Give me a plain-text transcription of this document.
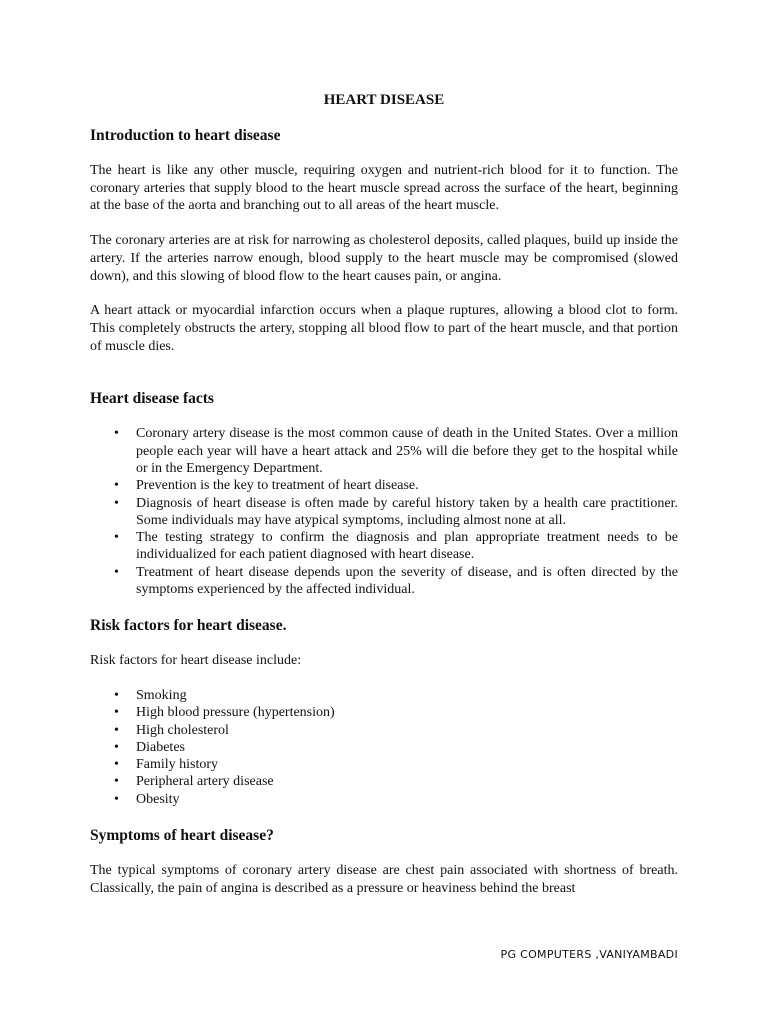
HEART DISEASE
Introduction to heart disease

The heart is like any other muscle, requiring oxygen and nutrient-rich blood for it to function. The coronary arteries that supply blood to the heart muscle spread across the surface of the heart, beginning at the base of the aorta and branching out to all areas of the heart muscle.

The coronary arteries are at risk for narrowing as cholesterol deposits, called plaques, build up inside the artery. If the arteries narrow enough, blood supply to the heart muscle may be compromised (slowed down), and this slowing of blood flow to the heart causes pain, or angina.

A heart attack or myocardial infarction occurs when a plaque ruptures, allowing a blood clot to form. This completely obstructs the artery, stopping all blood flow to part of the heart muscle, and that portion of muscle dies.

Heart disease facts
• Coronary artery disease is the most common cause of death in the United States. Over a million people each year will have a heart attack and 25% will die before they get to the hospital while or in the Emergency Department.
• Prevention is the key to treatment of heart disease.
• Diagnosis of heart disease is often made by careful history taken by a health care practitioner. Some individuals may have atypical symptoms, including almost none at all.
• The testing strategy to confirm the diagnosis and plan appropriate treatment needs to be individualized for each patient diagnosed with heart disease.
• Treatment of heart disease depends upon the severity of disease, and is often directed by the symptoms experienced by the affected individual.
Risk factors for heart disease.

Risk factors for heart disease include:

• Smoking
• High blood pressure (hypertension)
• High cholesterol
• Diabetes
• Family history
• Peripheral artery disease
• Obesity
Symptoms of heart disease?

The typical symptoms of coronary artery disease are chest pain associated with shortness of breath. Classically, the pain of angina is described as a pressure or heaviness behind the breast

PG COMPUTERS ,VANIYAMBADI
